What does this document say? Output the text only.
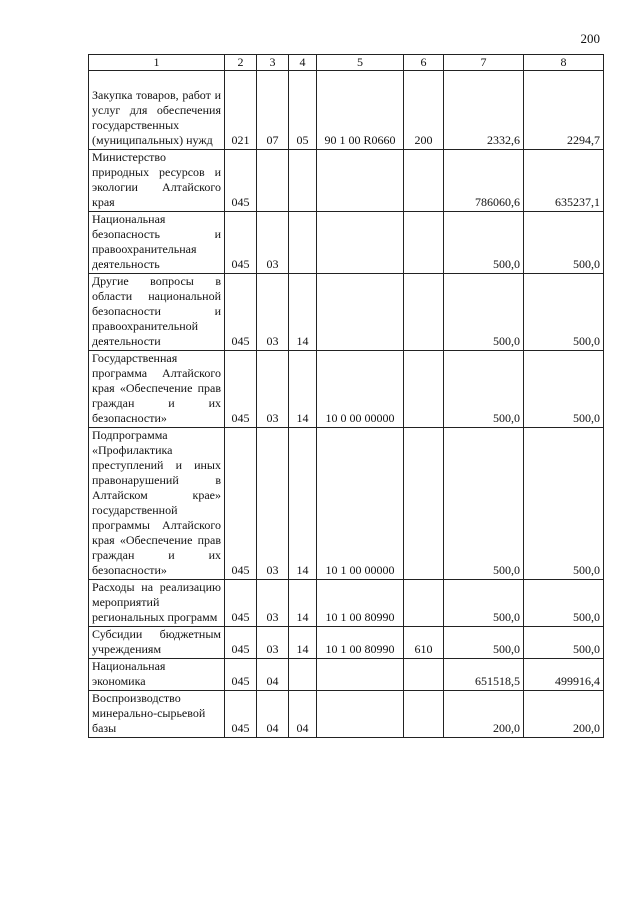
200
1	2	3	4	5	6	7	8

Закупка товаров, работ и услуг для обеспечения государственных (муниципальных) нужд	021	07	05	90 1 00 R0660	200	2332,6	2294,7

Министерство природных ресурсов и экологии Алтайского края	045					786060,6	635237,1

Национальная безопасность и правоохранительная деятельность	045	03				500,0	500,0

Другие вопросы в области национальной безопасности и правоохранительной деятельности	045	03	14			500,0	500,0

Государственная программа Алтайского края «Обеспечение прав граждан и их безопасности»	045	03	14	10 0 00 00000		500,0	500,0

Подпрограмма «Профилактика преступлений и иных правонарушений в Алтайском крае» государственной программы Алтайского края «Обеспечение прав граждан и их безопасности»	045	03	14	10 1 00 00000		500,0	500,0

Расходы на реализацию мероприятий региональных программ	045	03	14	10 1 00 80990		500,0	500,0

Субсидии бюджетным учреждениям	045	03	14	10 1 00 80990	610	500,0	500,0

Национальная экономика	045	04				651518,5	499916,4

Воспроизводство минерально-сырьевой базы	045	04	04			200,0	200,0
